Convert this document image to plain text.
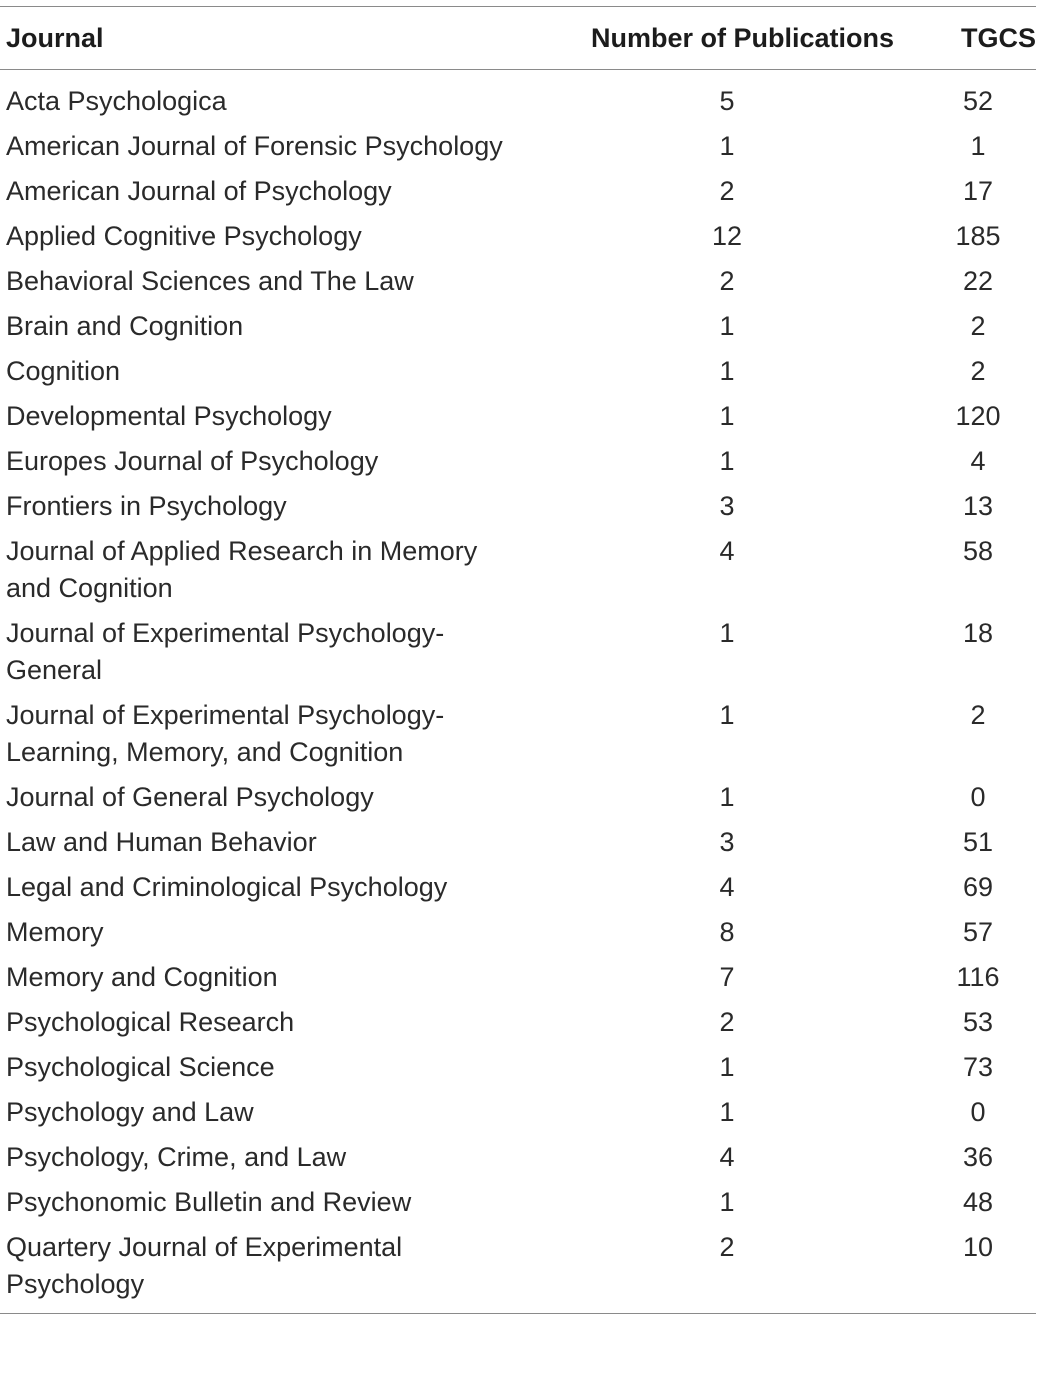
Journal	Number of Publications	TGCS
Acta Psychologica	5	52
American Journal of Forensic Psychology	1	1
American Journal of Psychology	2	17
Applied Cognitive Psychology	12	185
Behavioral Sciences and The Law	2	22
Brain and Cognition	1	2
Cognition	1	2
Developmental Psychology	1	120
Europes Journal of Psychology	1	4
Frontiers in Psychology	3	13
Journal of Applied Research in Memory and Cognition	4	58
Journal of Experimental Psychology-General	1	18
Journal of Experimental Psychology-Learning, Memory, and Cognition	1	2
Journal of General Psychology	1	0
Law and Human Behavior	3	51
Legal and Criminological Psychology	4	69
Memory	8	57
Memory and Cognition	7	116
Psychological Research	2	53
Psychological Science	1	73
Psychology and Law	1	0
Psychology, Crime, and Law	4	36
Psychonomic Bulletin and Review	1	48
Quartery Journal of Experimental Psychology	2	10
